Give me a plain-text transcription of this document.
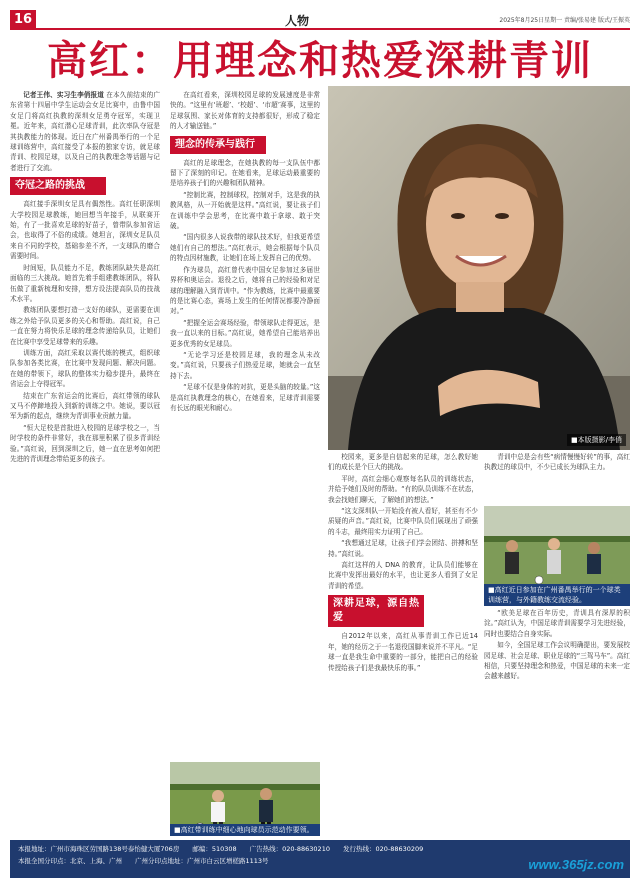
16	人物	2025年8月25日星期一 责编/张易建 版式/王振英
高红：用理念和热爱深耕青训

记者王伟、实习生李俏报道 在本久前结束的广东省第十四届中学生运动会女足比赛中，由鲁中国女足门将高红执教的深圳女足勇夺冠军，实现卫冕。近年来，高红潜心足球青训，此次率队夺冠是其执教能力的体现。近日在广州番禺举行的一个足球训练营中，高红接受了本报的独家专访，就足球青训、校园足球，以及自己的执教理念等话题与记者进行了交流。

夺冠之路的挑战

高红接手深圳女足具有偶然性。高红任职深圳大学校园足球教练，她回想当年接手，从联赛开始，有了一批喜欢足球的好苗子，曾带队参加省运会，也取得了不俗的成绩。她坦言，深圳女足队员来自不同的学校，基础参差不齐，一支球队的磨合需要时间。

时间短，队员能力不足，教练团队缺失是高红面临的三大挑战。她首先着手组建教练团队，将队伍做了重新梳理和安排，想方设法提高队员的技战术水平。

教练团队要想打造一支好的球队，更需要在训练之外给予队员更多的关心和帮助。高红说，自己一直在努力将快乐足球的理念传递给队员，让她们在比赛中享受足球带来的乐趣。

训练方面，高红采取以赛代练的模式，组织球队参加各类比赛，在比赛中发现问题、解决问题。在她的带领下，球队的整体实力稳步提升，最终在省运会上夺得冠军。

结束在广东省运会的比赛后，高红带领的球队又马不停蹄地投入到新的训练之中。她说，要以冠军为新的起点，继续为青训事业贡献力量。

“恒大足校是首批进入校园的足球学校之一，当时学校的条件非常好，我在那里积累了很多青训经验。”高红说，回到深圳之后，她一直在思考如何把先进的青训理念带给更多的孩子。

在高红看来，深圳校园足球的发展速度是非常快的。“这里有‘班超’、‘校超’、‘市超’赛事，这里的足球氛围、家长对体育的支持都很好，形成了稳定的人才输送链。”

理念的传承与践行

高红的足球理念，在她执教的每一支队伍中都留下了深刻的印记。在她看来，足球运动最重要的是培养孩子们的兴趣和团队精神。

“控制比赛，控制球权，控制对手，这是我的执教风格，从一开始就是这样。”高红说，要让孩子们在训练中学会思考，在比赛中敢于拿球、敢于突破。

“国内很多人说我带的球队技术好，但我更希望她们有自己的想法。”高红表示，她会根据每个队员的特点因材施教，让她们在场上发挥自己的优势。

作为球员，高红曾代表中国女足参加过多届世界杯和奥运会。退役之后，她将自己的经验和对足球的理解融入到青训中。“作为教练，比赛中最重要的是比赛心态，赛场上发生的任何情况都要冷静面对。”

“把握全运会赛场经验，带领球队走得更远，是我一直以来的目标。”高红说，她希望自己能培养出更多优秀的女足球员。

“无论学习还是校园足球，我的理念从未改变。”高红说，只要孩子们热爱足球，她就会一直坚持下去。

“足球不仅是身体的对抗，更是头脑的较量。”这是高红执教理念的核心，在她看来，足球青训需要有长远的眼光和耐心。

■高红带训练中细心地向球员示范动作要领。
■本版摄影/李俏

校园来，更多是自信起来的足球，怎么教好她们的成长是个巨大的挑战。

平时，高红会细心观察每名队员的训练状态，并给予她们及时的帮助。“有的队员训练不在状态，我会找她们聊天，了解她们的想法。”

“这支深圳队一开始没有被人看好，甚至有不少质疑的声音。”高红说，比赛中队员们展现出了顽强的斗志，最终用实力证明了自己。

“我想通过足球，让孩子们学会团结、拼搏和坚持。”高红说。

高红这样的人 DNA 的教育，让队员们能够在比赛中发挥出最好的水平，也让更多人看到了女足青训的希望。

深耕足球，源自热爱

自2012年以来，高红从事青训工作已近14年，她的经历之于一名退役国脚来说并不平凡。“足球一直是我生命中重要的一部分，能把自己的经验传授给孩子们是我最快乐的事。”

青训中总是会有些“病情慢慢好转”的事，高红执教过的球员中，不少已成长为球队主力。

■高红近日参加在广州番禺举行的一个球类训练营，与外籍教练交流经验。

“欧美足球在百年历史，青训具有深厚的积淀。”高红认为，中国足球青训需要学习先进经验，同时也要结合自身实际。

如今，全国足球工作会议明确提出，要发展校园足球、社会足球、职业足球的“三驾马车”。高红相信，只要坚持理念和热爱，中国足球的未来一定会越来越好。

本报地址：广州市海珠区劳国路138号泰怡健大厦706房　　邮编：510308　　广告热线：020-88630210　　发行热线：020-88630209
本报全国分印点：北京、上海、广州　　广州分印点地址：广州市白云区增槎路1113号	www.365jz.com
